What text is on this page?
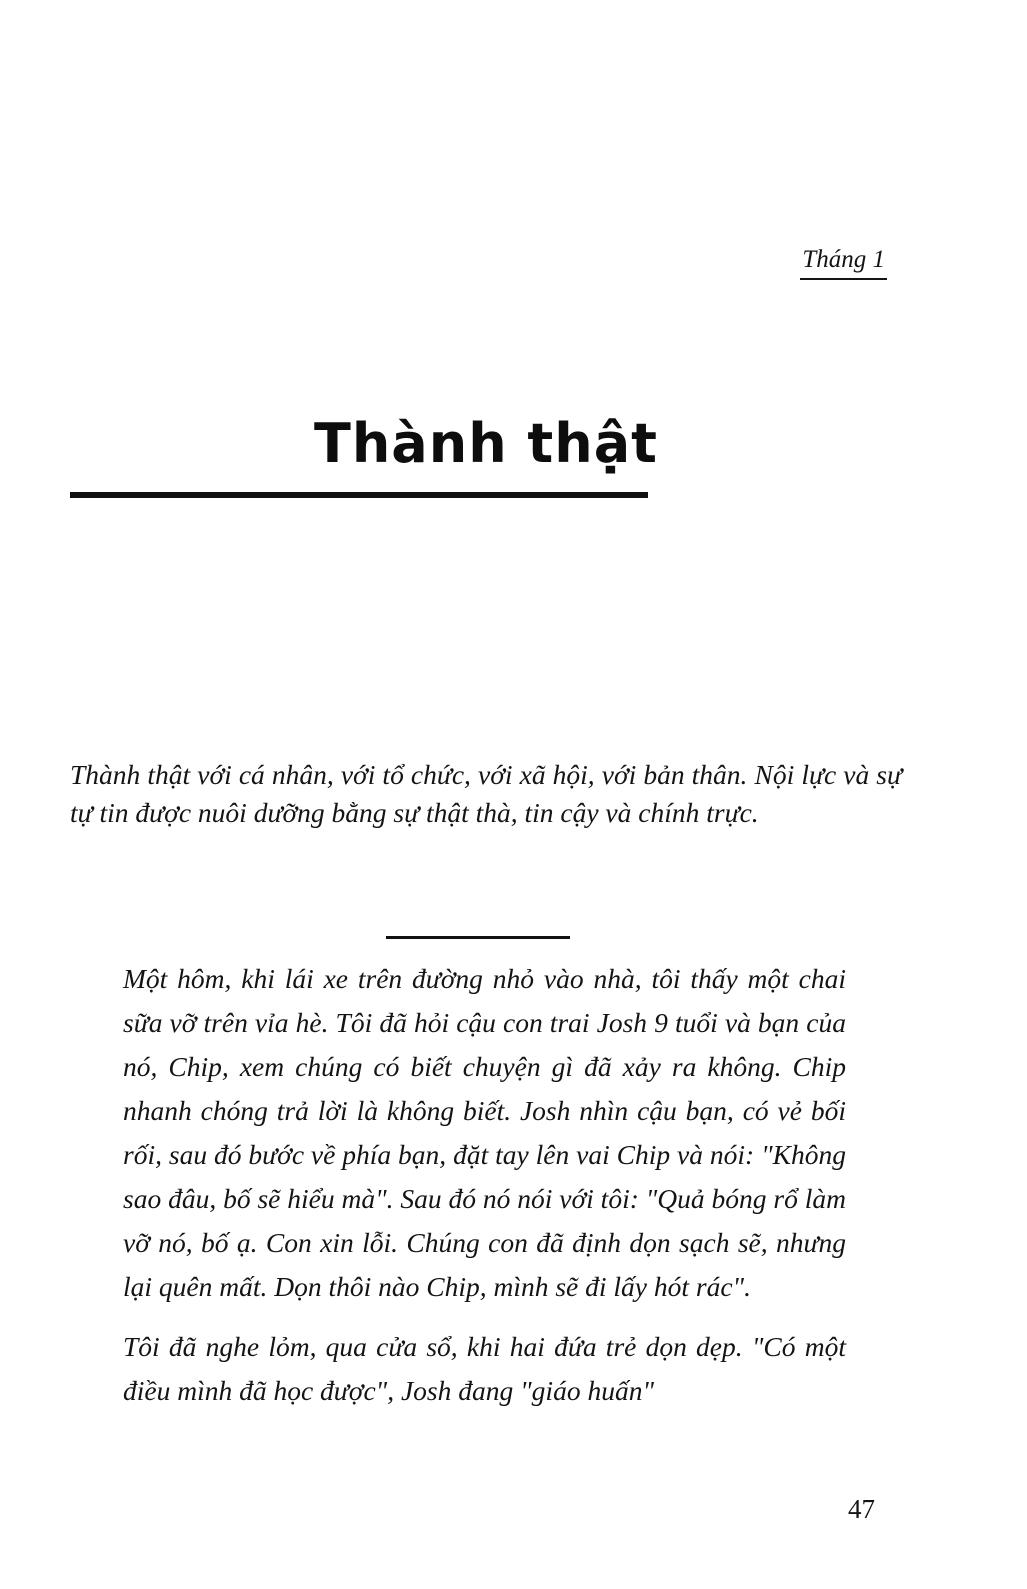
Tháng 1
Thành thật

Thành thật với cá nhân, với tổ chức, với xã hội, với bản thân. Nội lực và sự tự tin được nuôi dưỡng bằng sự thật thà, tin cậy và chính trực.

Một hôm, khi lái xe trên đường nhỏ vào nhà, tôi thấy một chai sữa vỡ trên vỉa hè. Tôi đã hỏi cậu con trai Josh 9 tuổi và bạn của nó, Chip, xem chúng có biết chuyện gì đã xảy ra không. Chip nhanh chóng trả lời là không biết. Josh nhìn cậu bạn, có vẻ bối rối, sau đó bước về phía bạn, đặt tay lên vai Chip và nói: "Không sao đâu, bố sẽ hiểu mà". Sau đó nó nói với tôi: "Quả bóng rổ làm vỡ nó, bố ạ. Con xin lỗi. Chúng con đã định dọn sạch sẽ, nhưng lại quên mất. Dọn thôi nào Chip, mình sẽ đi lấy hót rác".

Tôi đã nghe lỏm, qua cửa sổ, khi hai đứa trẻ dọn dẹp. "Có một điều mình đã học được", Josh đang "giáo huấn"

47
